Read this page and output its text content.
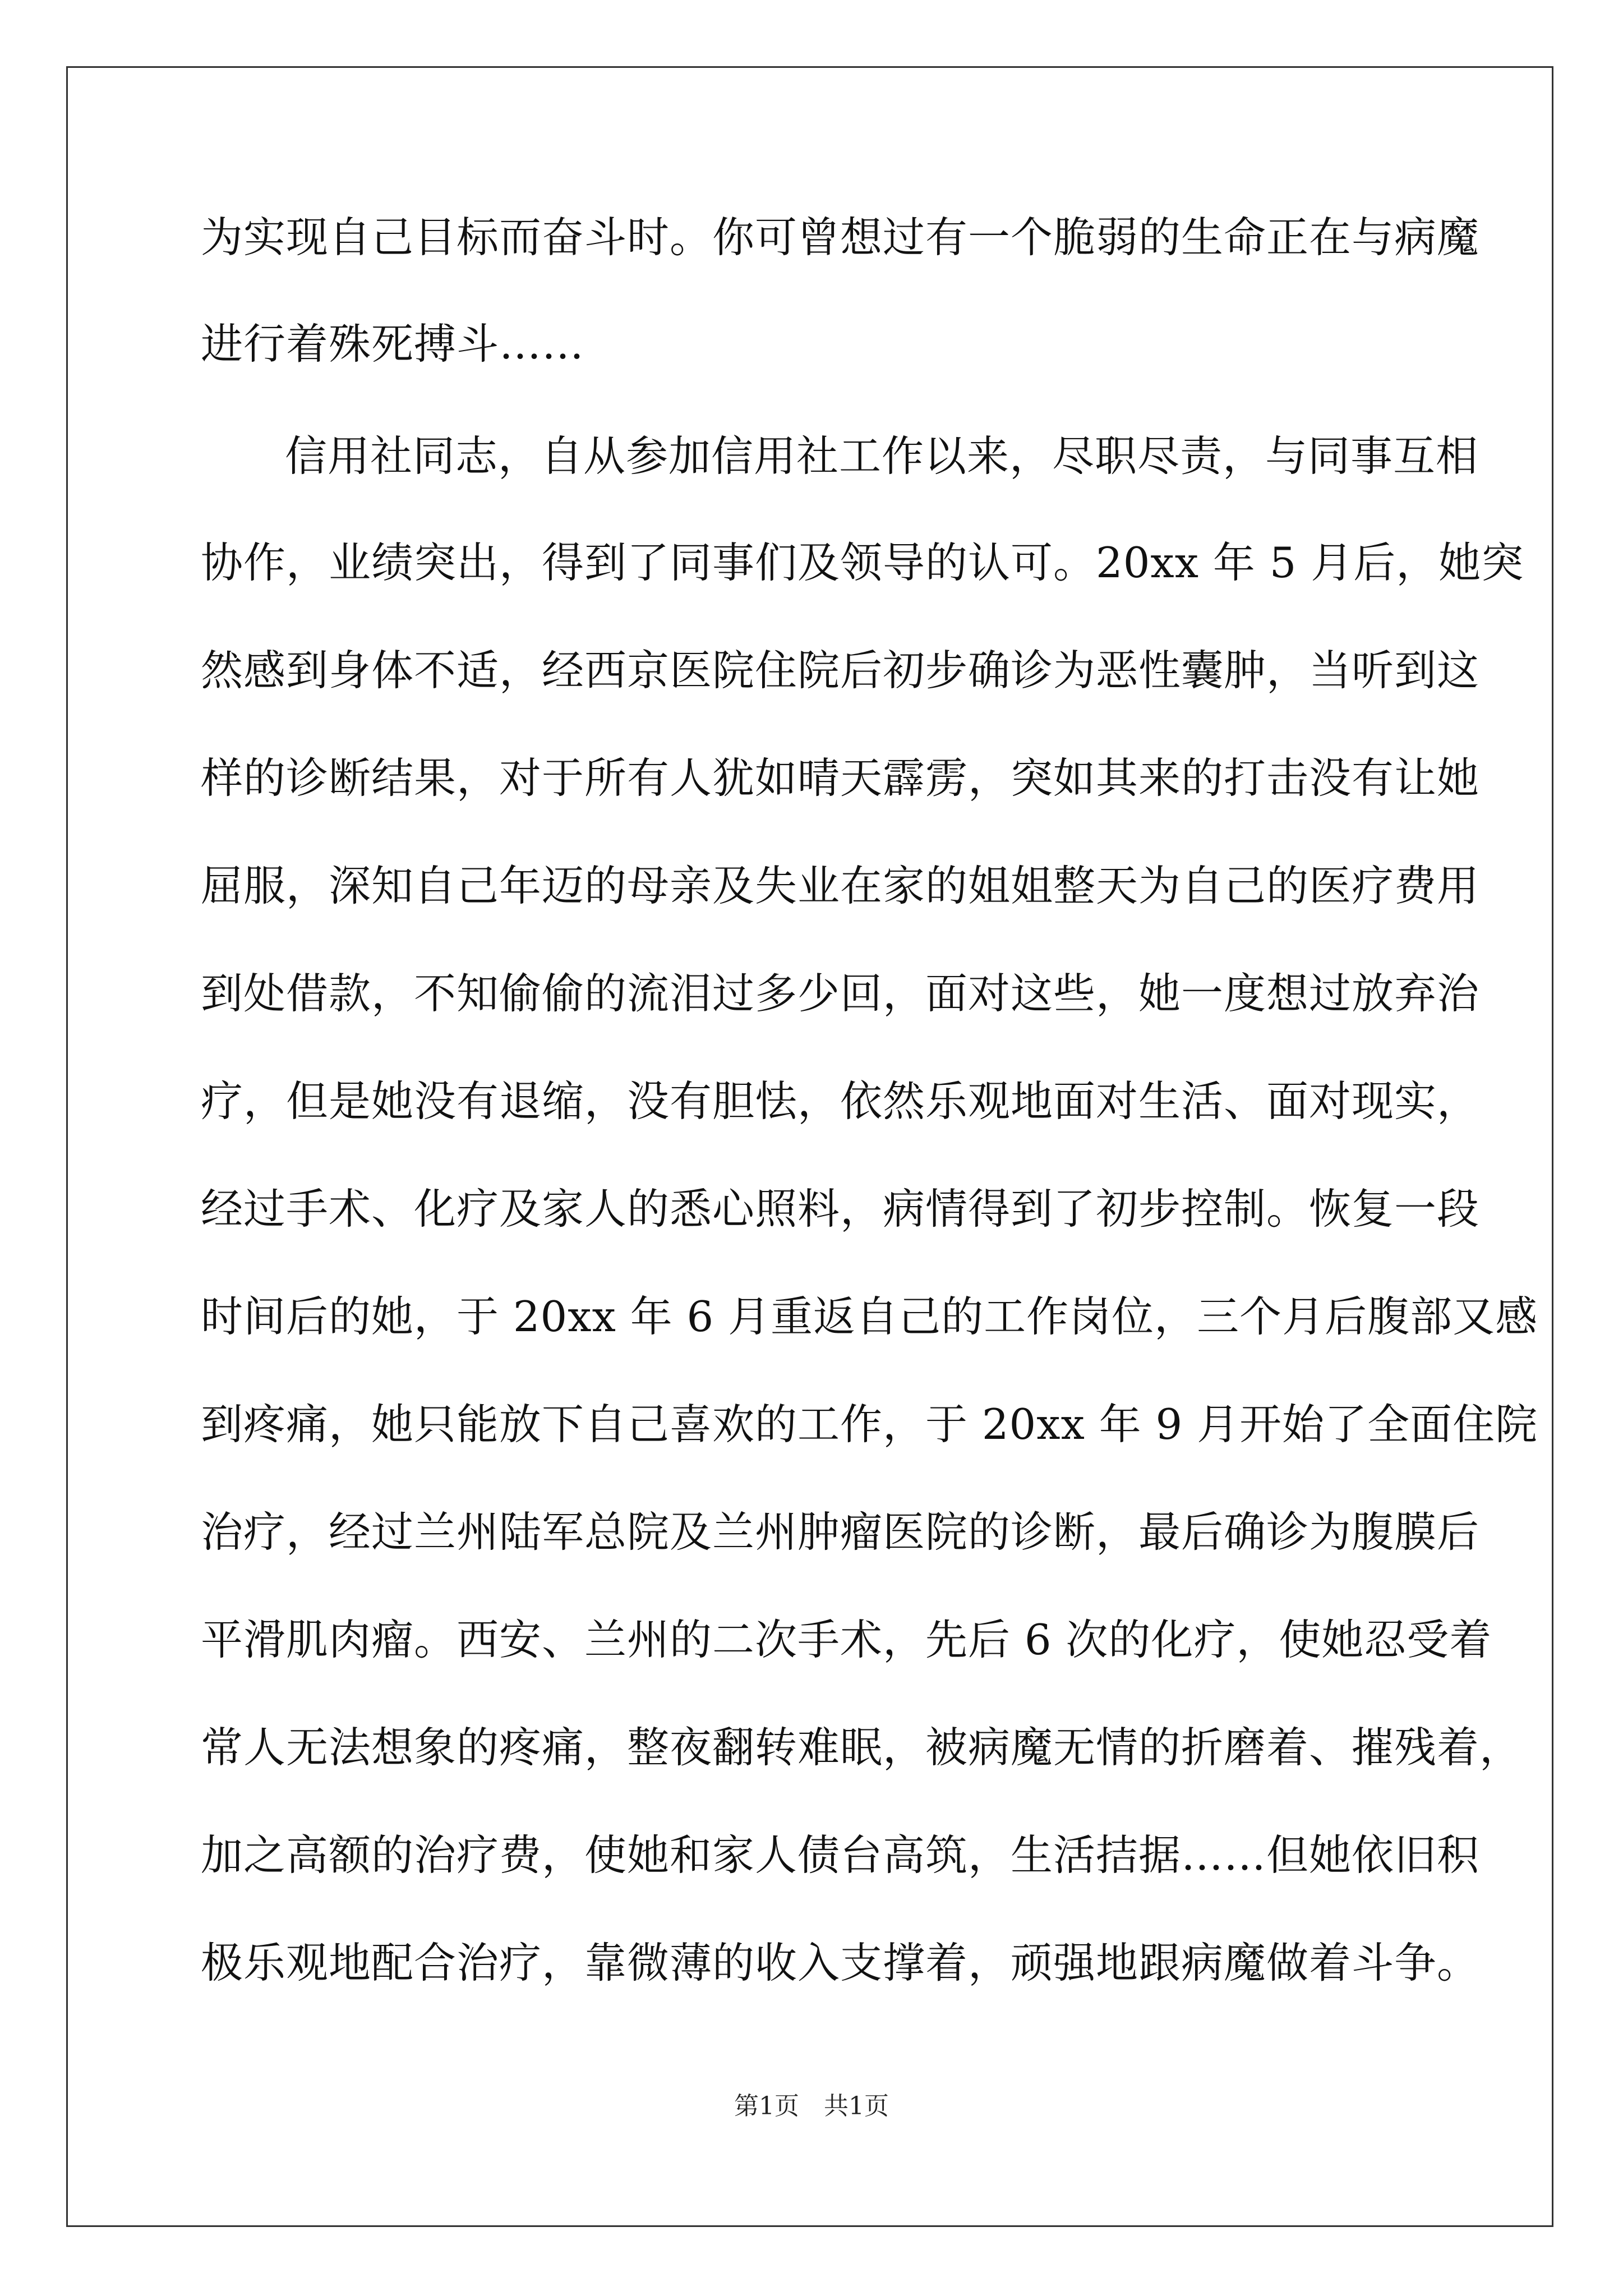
为实现自己目标而奋斗时。你可曾想过有一个脆弱的生命正在与病魔
进行着殊死搏斗……
信用社同志，自从参加信用社工作以来，尽职尽责，与同事互相
协作，业绩突出，得到了同事们及领导的认可。20xx 年 5 月后，她突
然感到身体不适，经西京医院住院后初步确诊为恶性囊肿，当听到这
样的诊断结果，对于所有人犹如晴天霹雳，突如其来的打击没有让她
屈服，深知自己年迈的母亲及失业在家的姐姐整天为自己的医疗费用
到处借款，不知偷偷的流泪过多少回，面对这些，她一度想过放弃治
疗，但是她没有退缩，没有胆怯，依然乐观地面对生活、面对现实，
经过手术、化疗及家人的悉心照料，病情得到了初步控制。恢复一段
时间后的她，于 20xx 年 6 月重返自己的工作岗位，三个月后腹部又感
到疼痛，她只能放下自己喜欢的工作，于 20xx 年 9 月开始了全面住院
治疗，经过兰州陆军总院及兰州肿瘤医院的诊断，最后确诊为腹膜后
平滑肌肉瘤。西安、兰州的二次手术，先后 6 次的化疗，使她忍受着
常人无法想象的疼痛，整夜翻转难眠，被病魔无情的折磨着、摧残着，
加之高额的治疗费，使她和家人债台高筑，生活拮据……但她依旧积
极乐观地配合治疗，靠微薄的收入支撑着，顽强地跟病魔做着斗争。
第1页　共1页
